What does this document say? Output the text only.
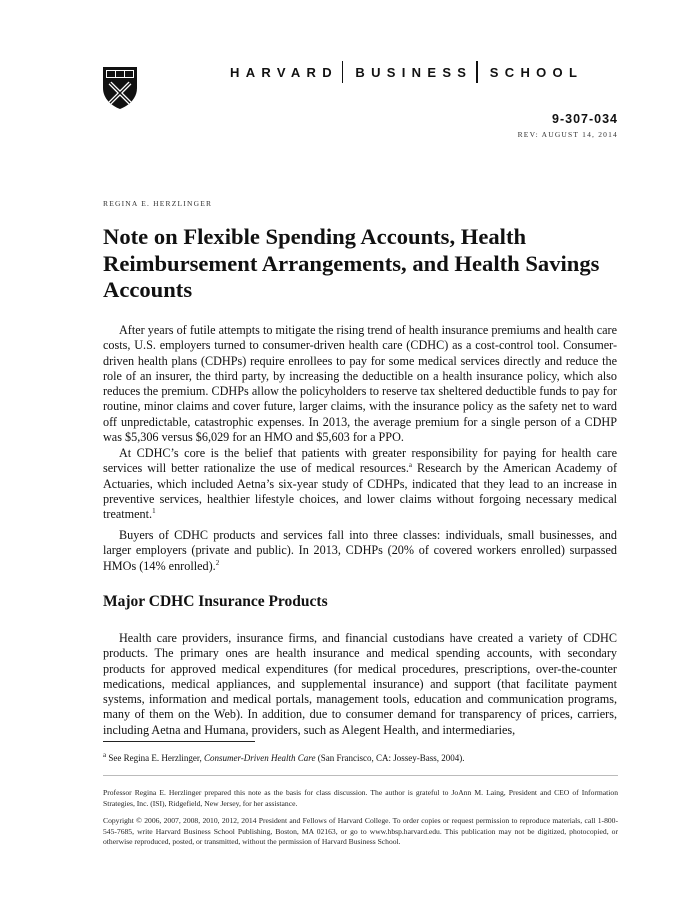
HARVARD BUSINESS SCHOOL
9-307-034
REV: AUGUST 14, 2014
REGINA E. HERZLINGER
Note on Flexible Spending Accounts, Health Reimbursement Arrangements, and Health Savings Accounts

After years of futile attempts to mitigate the rising trend of health insurance premiums and health care costs, U.S. employers turned to consumer-driven health care (CDHC) as a cost-control tool. Consumer-driven health plans (CDHPs) require enrollees to pay for some medical services directly and reduce the role of an insurer, the third party, by increasing the deductible on a health insurance policy, which also reduces the premium. CDHPs allow the policyholders to reserve tax sheltered deductible funds to pay for routine, minor claims and cover future, larger claims, with the insurance policy as the safety net to ward off unpredictable, catastrophic expenses. In 2013, the average premium for a single person of a CDHP was $5,306 versus $6,029 for an HMO and $5,603 for a PPO.

At CDHC’s core is the belief that patients with greater responsibility for paying for health care services will better rationalize the use of medical resources.$^a$ Research by the American Academy of Actuaries, which included Aetna’s six-year study of CDHPs, indicated that they lead to an increase in preventive services, healthier lifestyle choices, and lower claims without forgoing necessary medical treatment.$^1$

Buyers of CDHC products and services fall into three classes: individuals, small businesses, and larger employers (private and public). In 2013, CDHPs (20% of covered workers enrolled) surpassed HMOs (14% enrolled).$^2$

Major CDHC Insurance Products

Health care providers, insurance firms, and financial custodians have created a variety of CDHC products. The primary ones are health insurance and medical spending accounts, with secondary products for approved medical expenditures (for medical procedures, prescriptions, over-the-counter medications, medical appliances, and supplemental insurance) and support (that facilitate payment systems, information and medical portals, management tools, education and communication programs, many of them on the Web). In addition, due to consumer demand for transparency of prices, carriers, including Aetna and Humana, providers, such as Alegent Health, and intermediaries,

$^a$ See Regina E. Herzlinger, Consumer-Driven Health Care (San Francisco, CA: Jossey-Bass, 2004).
Professor Regina E. Herzlinger prepared this note as the basis for class discussion. The author is grateful to JoAnn M. Laing, President and CEO of Information Strategies, Inc. (ISI), Ridgefield, New Jersey, for her assistance.
Copyright © 2006, 2007, 2008, 2010, 2012, 2014 President and Fellows of Harvard College. To order copies or request permission to reproduce materials, call 1-800-545-7685, write Harvard Business School Publishing, Boston, MA 02163, or go to www.hbsp.harvard.edu. This publication may not be digitized, photocopied, or otherwise reproduced, posted, or transmitted, without the permission of Harvard Business School.
